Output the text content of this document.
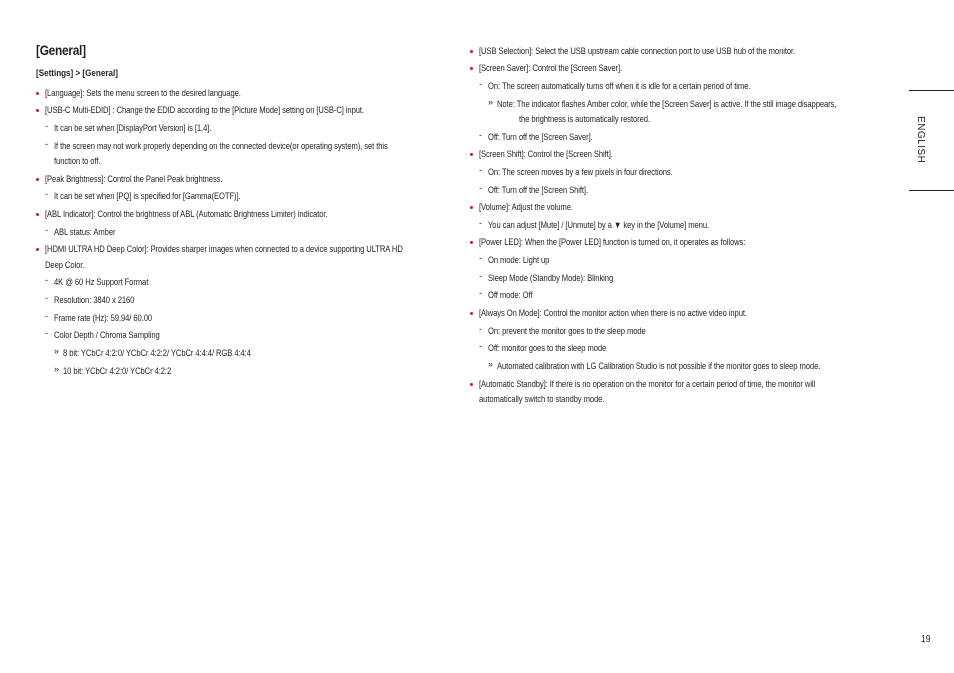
[General]
[Settings] > [General]
[Language]: Sets the menu screen to the desired language.
[USB-C Multi-EDID] : Change the EDID according to the [Picture Mode] setting on [USB-C] input.
- It can be set when [DisplayPort Version] is [1.4].
- If the screen may not work properly depending on the connected device(or operating system), set this
function to off.
[Peak Brightness]: Control the Panel Peak brightness.
- It can be set when [PQ] is specified for [Gamma(EOTF)].
[ABL Indicator]: Control the brightness of ABL (Automatic Brightness Limiter) indicator.
- ABL status: Amber
[HDMI ULTRA HD Deep Color]: Provides sharper images when connected to a device supporting ULTRA HD
Deep Color.
- 4K @ 60 Hz Support Format
- Resolution: 3840 x 2160
- Frame rate (Hz): 59.94/ 60.00
- Color Depth / Chroma Sampling
» 8 bit: YCbCr 4:2:0/ YCbCr 4:2:2/ YCbCr 4:4:4/ RGB 4:4:4
» 10 bit: YCbCr 4:2:0/ YCbCr 4:2:2
[USB Selection]: Select the USB upstream cable connection port to use USB hub of the monitor.
[Screen Saver]: Control the [Screen Saver].
- On: The screen automatically turns off when it is idle for a certain period of time.
» Note: The indicator flashes Amber color, while the [Screen Saver] is active. If the still image disappears,
the brightness is automatically restored.
- Off: Turn off the [Screen Saver].
[Screen Shift]: Control the [Screen Shift].
- On: The screen moves by a few pixels in four directions.
- Off: Turn off the [Screen Shift].
[Volume]: Adjust the volume.
- You can adjust [Mute] / [Unmute] by a ▼ key in the [Volume] menu.
[Power LED]: When the [Power LED] function is turned on, it operates as follows:
- On mode: Light up
- Sleep Mode (Standby Mode): Blinking
- Off mode: Off
[Always On Mode]: Control the monitor action when there is no active video input.
- On: prevent the monitor goes to the sleep mode
- Off: monitor goes to the sleep mode
» Automated calibration with LG Calibration Studio is not possible if the monitor goes to sleep mode.
[Automatic Standby]: If there is no operation on the monitor for a certain period of time, the monitor will
automatically switch to standby mode.
ENGLISH
19
